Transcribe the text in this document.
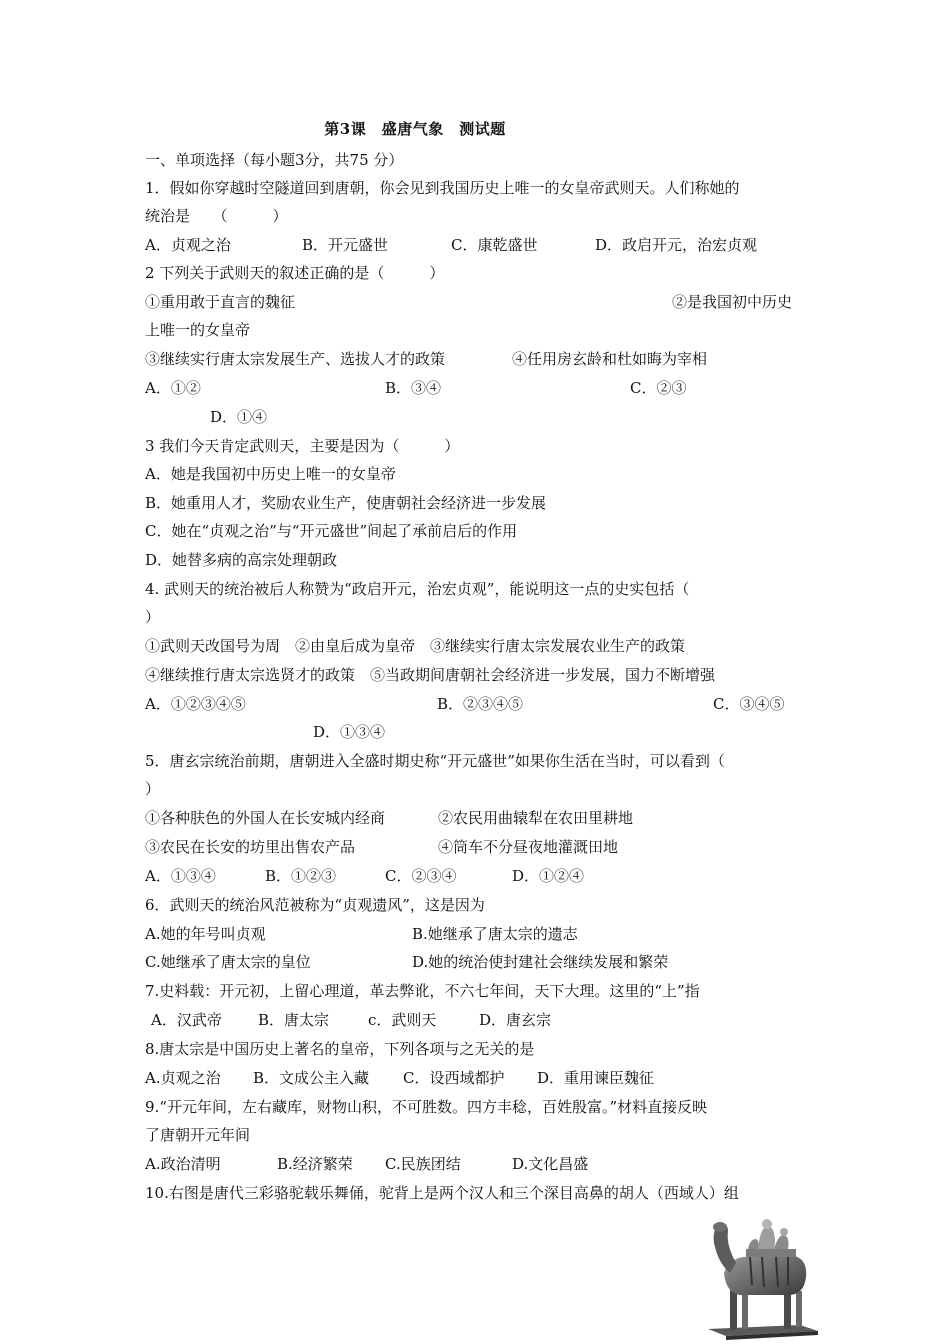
第3课　盛唐气象　测试题
一、单项选择（每小题3分，共75 分）
1．假如你穿越时空隧道回到唐朝，你会见到我国历史上唯一的女皇帝武则天。人们称她的
统治是　　（　　　）
A．贞观之治	B．开元盛世	C．康乾盛世	D．政启开元，治宏贞观
2 下列关于武则天的叙述正确的是（　　　）
①重用敢于直言的魏征	②是我国初中历史
上唯一的女皇帝
③继续实行唐太宗发展生产、选拔人才的政策	④任用房玄龄和杜如晦为宰相
A．①②	B．③④	C．②③
D．①④
3 我们今天肯定武则天，主要是因为（　　　）
A．她是我国初中历史上唯一的女皇帝
B．她重用人才，奖励农业生产，使唐朝社会经济进一步发展
C．她在“贞观之治”与“开元盛世”间起了承前启后的作用
D．她替多病的高宗处理朝政
4. 武则天的统治被后人称赞为“政启开元，治宏贞观”，能说明这一点的史实包括（
）
①武则天改国号为周　②由皇后成为皇帝　③继续实行唐太宗发展农业生产的政策
④继续推行唐太宗选贤才的政策　⑤当政期间唐朝社会经济进一步发展，国力不断增强
A．①②③④⑤	B．②③④⑤	C．③④⑤
D．①③④
5．唐玄宗统治前期，唐朝进入全盛时期史称“开元盛世”如果你生活在当时，可以看到（
）
①各种肤色的外国人在长安城内经商	②农民用曲辕犁在农田里耕地
③农民在长安的坊里出售农产品	④筒车不分昼夜地灌溉田地
A．①③④	B．①②③	C．②③④	D．①②④
6．武则天的统治风范被称为“贞观遗风”，这是因为
A.她的年号叫贞观	B.她继承了唐太宗的遗志
C.她继承了唐太宗的皇位	D.她的统治使封建社会继续发展和繁荣
7.史料载：开元初，上留心理道，革去弊讹，不六七年间，天下大理。这里的“上”指
A．汉武帝 B．唐太宗	c．武则天	D．唐玄宗
8.唐太宗是中国历史上著名的皇帝，下列各项与之无关的是
A.贞观之治 B．文成公主入藏 C．设西域都护 D．重用谏臣魏征
9.“开元年间，左右藏库，财物山积，不可胜数。四方丰稔，百姓殷富。”材料直接反映
了唐朝开元年间
A.政治清明	B.经济繁荣 C.民族团结	D.文化昌盛
10.右图是唐代三彩骆驼载乐舞俑，驼背上是两个汉人和三个深目高鼻的胡人（西域人）组
